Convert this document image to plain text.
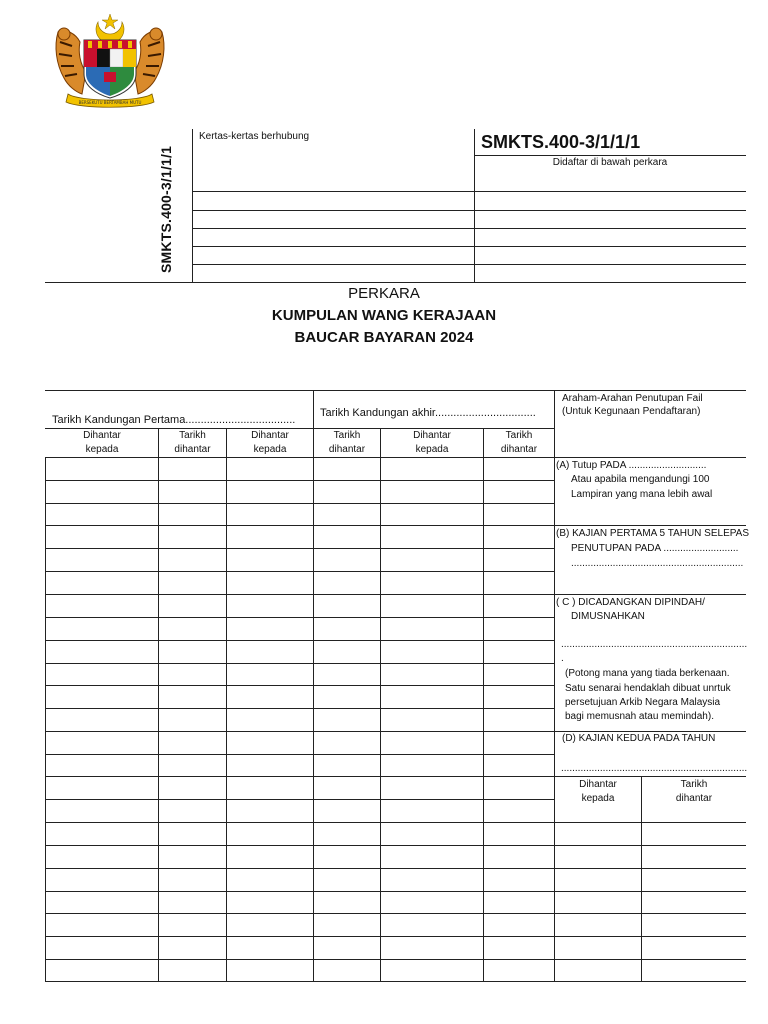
BERSEKUTU BERTAMBAH MUTU
SMKTS.400-3/1/1/1
Kertas-kertas berhubung	SMKTS.400-3/1/1/1
Didaftar di bawah perkara
PERKARA
KUMPULAN WANG KERAJAAN
BAUCAR BAYARAN 2024
Tarikh Kandungan Pertama....................................
Tarikh Kandungan akhir.................................
Dihantar
kepada
Tarikh
dihantar
Dihantar
kepada
Tarikh
dihantar
Dihantar
kepada
Tarikh
dihantar
Araham-Arahan Penutupan Fail
(Untuk Kegunaan Pendaftaran)
(A) Tutup PADA ............................
Atau apabila mengandungi 100
Lampiran yang mana lebih awal
(B) KAJIAN PERTAMA 5 TAHUN SELEPAS
PENUTUPAN PADA ...........................
..............................................................
( C ) DICADANGKAN DIPINDAH/
DIMUSNAHKAN
...................................................................
.
(Potong mana yang tiada berkenaan.
Satu senarai hendaklah dibuat unrtuk
persetujuan Arkib Negara Malaysia
bagi memusnah atau memindah).
(D) KAJIAN KEDUA PADA TAHUN
...................................................................
Dihantar
kepada
Tarikh
dihantar
